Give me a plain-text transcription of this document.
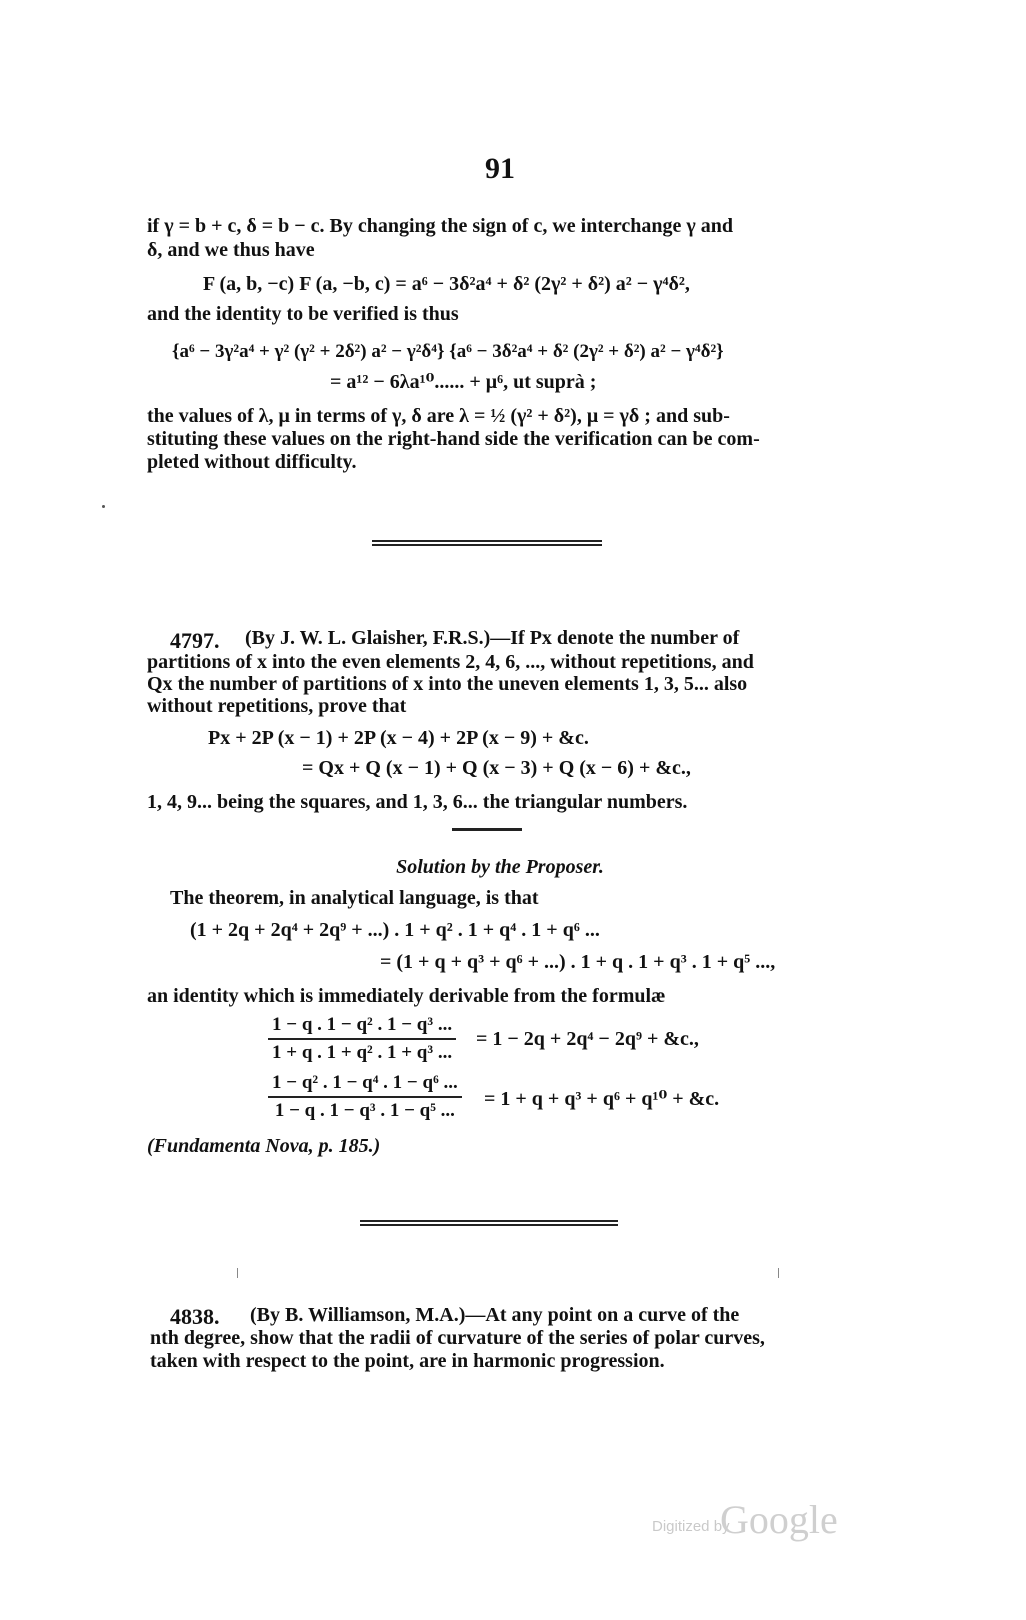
91
if γ = b + c, δ = b − c. By changing the sign of c, we interchange γ and
δ, and we thus have
F (a, b, −c) F (a, −b, c) = a⁶ − 3δ²a⁴ + δ² (2γ² + δ²) a² − γ⁴δ²,
and the identity to be verified is thus
{a⁶ − 3γ²a⁴ + γ² (γ² + 2δ²) a² − γ²δ⁴} {a⁶ − 3δ²a⁴ + δ² (2γ² + δ²) a² − γ⁴δ²}
= a¹² − 6λa¹⁰...... + μ⁶, ut suprà ;
the values of λ, μ in terms of γ, δ are λ = ½ (γ² + δ²), μ = γδ ; and sub-
stituting these values on the right-hand side the verification can be com-
pleted without difficulty.
4797. (By J. W. L. Glaisher, F.R.S.)—If Px denote the number of
partitions of x into the even elements 2, 4, 6, ..., without repetitions, and
Qx the number of partitions of x into the uneven elements 1, 3, 5... also
without repetitions, prove that
Px + 2P (x − 1) + 2P (x − 4) + 2P (x − 9) + &c.
= Qx + Q (x − 1) + Q (x − 3) + Q (x − 6) + &c.,
1, 4, 9... being the squares, and 1, 3, 6... the triangular numbers.
Solution by the Proposer.
The theorem, in analytical language, is that
(1 + 2q + 2q⁴ + 2q⁹ + ...) . 1 + q² . 1 + q⁴ . 1 + q⁶ ...
= (1 + q + q³ + q⁶ + ...) . 1 + q . 1 + q³ . 1 + q⁵ ...,
an identity which is immediately derivable from the formulæ
$\frac{\text{1 − q . 1 − q² . 1 − q³ ...}}{\text{1 + q . 1 + q² . 1 + q³ ...}} = 1 - 2q + 2q^4 - 2q^9$ + &c.,
$\frac{\text{1 − q² . 1 − q⁴ . 1 − q⁶ ...}}{\text{1 − q . 1 − q³ . 1 − q⁵ ...}} = 1 + q + q^3 + q^6 + q^{10}$ + &c.
(Fundamenta Nova, p. 185.)
4838. (By B. Williamson, M.A.)—At any point on a curve of the
nth degree, show that the radii of curvature of the series of polar curves,
taken with respect to the point, are in harmonic progression.
Digitized by
Google
